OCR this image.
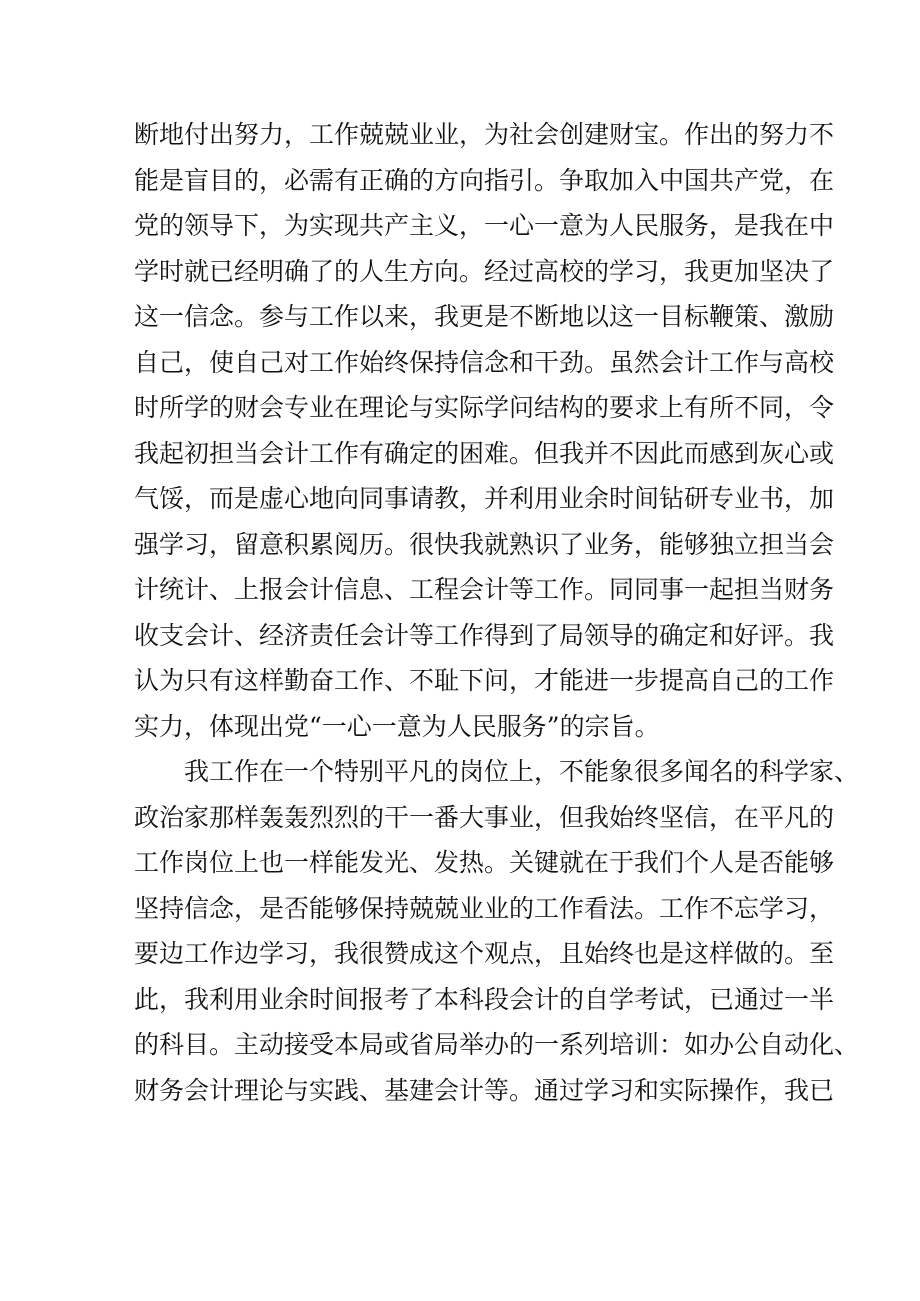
断地付出努力，工作兢兢业业，为社会创建财宝。作出的努力不
能是盲目的，必需有正确的方向指引。争取加入中国共产党，在
党的领导下，为实现共产主义，一心一意为人民服务，是我在中
学时就已经明确了的人生方向。经过高校的学习，我更加坚决了
这一信念。参与工作以来，我更是不断地以这一目标鞭策、激励
自己，使自己对工作始终保持信念和干劲。虽然会计工作与高校
时所学的财会专业在理论与实际学问结构的要求上有所不同，令
我起初担当会计工作有确定的困难。但我并不因此而感到灰心或
气馁，而是虚心地向同事请教，并利用业余时间钻研专业书，加
强学习，留意积累阅历。很快我就熟识了业务，能够独立担当会
计统计、上报会计信息、工程会计等工作。同同事一起担当财务
收支会计、经济责任会计等工作得到了局领导的确定和好评。我
认为只有这样勤奋工作、不耻下问，才能进一步提高自己的工作
实力，体现出党“一心一意为人民服务”的宗旨。
我工作在一个特别平凡的岗位上，不能象很多闻名的科学家、
政治家那样轰轰烈烈的干一番大事业，但我始终坚信，在平凡的
工作岗位上也一样能发光、发热。关键就在于我们个人是否能够
坚持信念，是否能够保持兢兢业业的工作看法。工作不忘学习，
要边工作边学习，我很赞成这个观点，且始终也是这样做的。至
此，我利用业余时间报考了本科段会计的自学考试，已通过一半
的科目。主动接受本局或省局举办的一系列培训：如办公自动化、
财务会计理论与实践、基建会计等。通过学习和实际操作，我已
